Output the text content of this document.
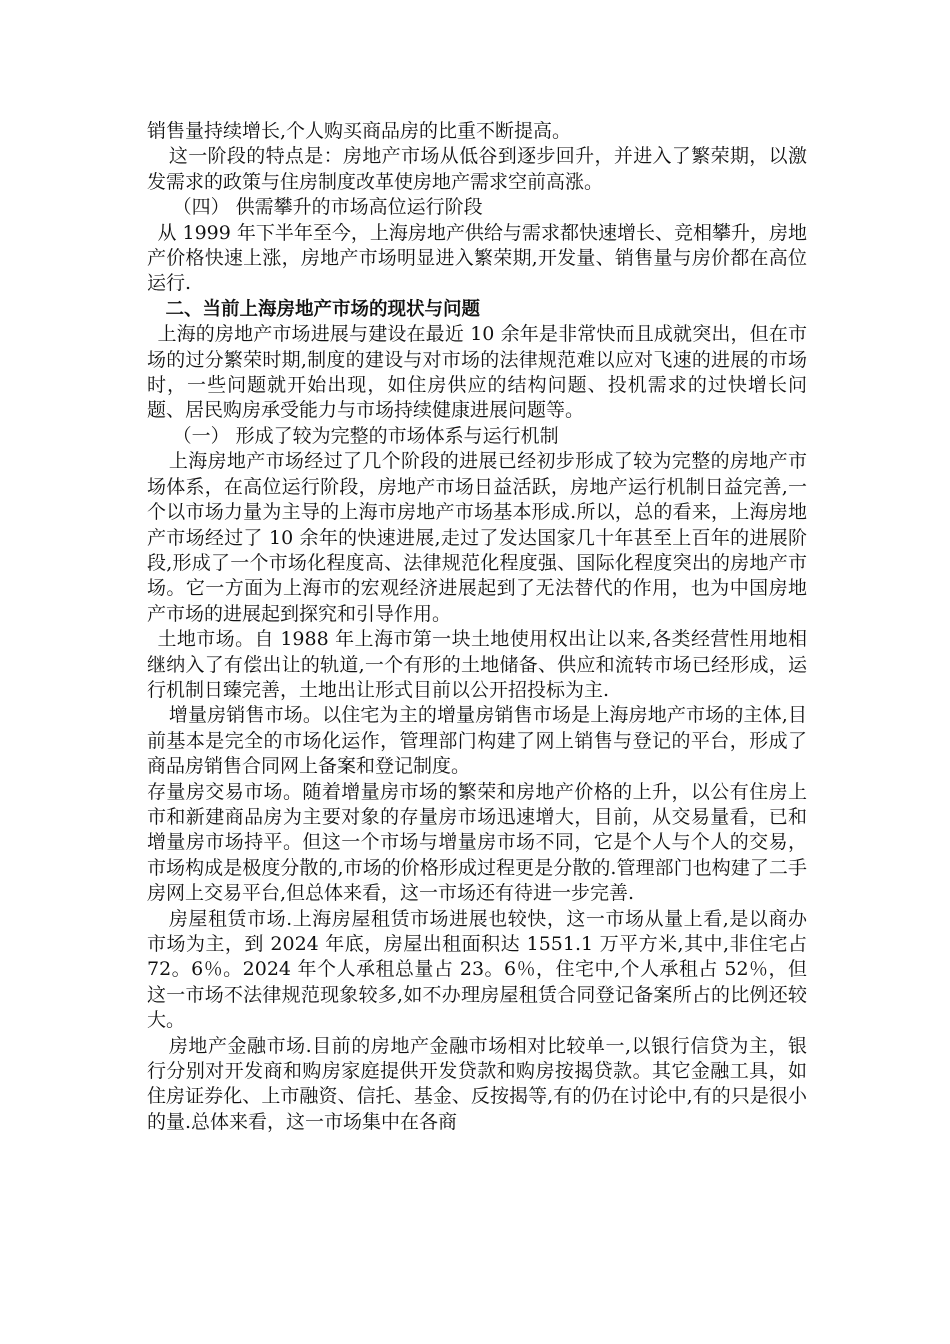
销售量持续增长,个人购买商品房的比重不断提高。

这一阶段的特点是：房地产市场从低谷到逐步回升，并进入了繁荣期，以激发需求的政策与住房制度改革使房地产需求空前高涨。

（四） 供需攀升的市场高位运行阶段

从 1999 年下半年至今，上海房地产供给与需求都快速增长、竞相攀升，房地产价格快速上涨，房地产市场明显进入繁荣期,开发量、销售量与房价都在高位运行.

二、当前上海房地产市场的现状与问题

上海的房地产市场进展与建设在最近 10 余年是非常快而且成就突出，但在市场的过分繁荣时期,制度的建设与对市场的法律规范难以应对飞速的进展的市场时，一些问题就开始出现，如住房供应的结构问题、投机需求的过快增长问题、居民购房承受能力与市场持续健康进展问题等。

（一） 形成了较为完整的市场体系与运行机制

上海房地产市场经过了几个阶段的进展已经初步形成了较为完整的房地产市场体系，在高位运行阶段，房地产市场日益活跃，房地产运行机制日益完善,一个以市场力量为主导的上海市房地产市场基本形成.所以，总的看来，上海房地产市场经过了 10 余年的快速进展,走过了发达国家几十年甚至上百年的进展阶段,形成了一个市场化程度高、法律规范化程度强、国际化程度突出的房地产市场。它一方面为上海市的宏观经济进展起到了无法替代的作用，也为中国房地产市场的进展起到探究和引导作用。

土地市场。自 1988 年上海市第一块土地使用权出让以来,各类经营性用地相继纳入了有偿出让的轨道,一个有形的土地储备、供应和流转市场已经形成，运行机制日臻完善，土地出让形式目前以公开招投标为主.

增量房销售市场。以住宅为主的增量房销售市场是上海房地产市场的主体,目前基本是完全的市场化运作，管理部门构建了网上销售与登记的平台，形成了商品房销售合同网上备案和登记制度。

存量房交易市场。随着增量房市场的繁荣和房地产价格的上升，以公有住房上市和新建商品房为主要对象的存量房市场迅速增大，目前，从交易量看，已和增量房市场持平。但这一个市场与增量房市场不同，它是个人与个人的交易，市场构成是极度分散的,市场的价格形成过程更是分散的.管理部门也构建了二手房网上交易平台,但总体来看，这一市场还有待进一步完善.

房屋租赁市场.上海房屋租赁市场进展也较快，这一市场从量上看,是以商办市场为主，到 2024 年底，房屋出租面积达 1551.1 万平方米,其中,非住宅占 72。6％。2024 年个人承租总量占 23。6％，住宅中,个人承租占 52％，但这一市场不法律规范现象较多,如不办理房屋租赁合同登记备案所占的比例还较大。

房地产金融市场.目前的房地产金融市场相对比较单一,以银行信贷为主，银行分别对开发商和购房家庭提供开发贷款和购房按揭贷款。其它金融工具，如住房证券化、上市融资、信托、基金、反按揭等,有的仍在讨论中,有的只是很小的量.总体来看，这一市场集中在各商
